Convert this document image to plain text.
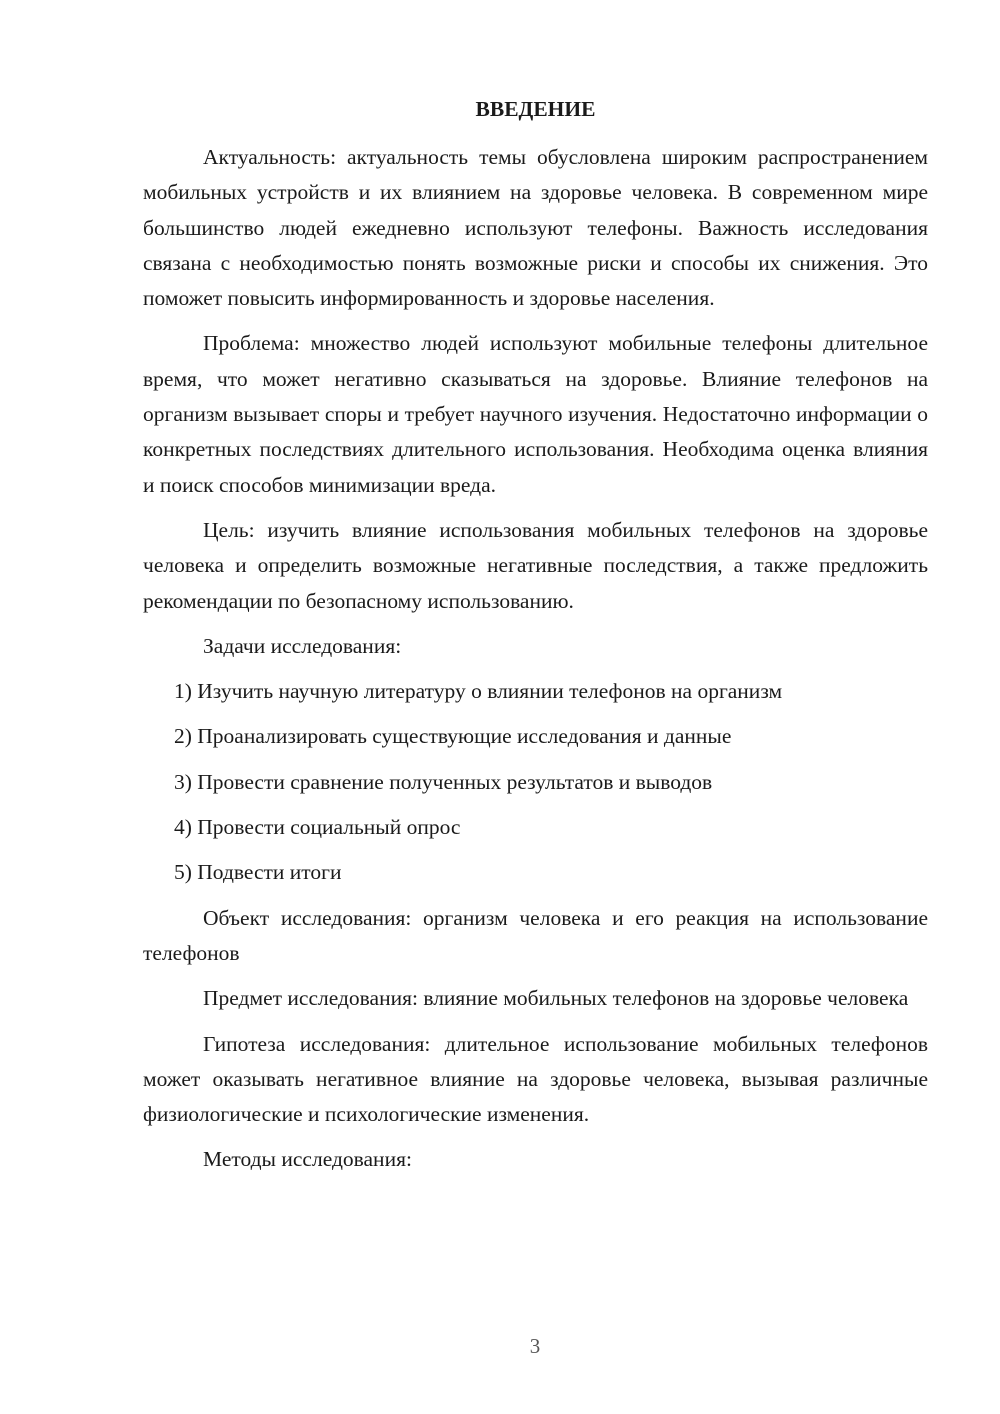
ВВЕДЕНИЕ

Актуальность: актуальность темы обусловлена широким распространением мобильных устройств и их влиянием на здоровье человека. В современном мире большинство людей ежедневно используют телефоны. Важность исследования связана с необходимостью понять возможные риски и способы их снижения. Это поможет повысить информированность и здоровье населения.

Проблема: множество людей используют мобильные телефоны длительное время, что может негативно сказываться на здоровье. Влияние телефонов на организм вызывает споры и требует научного изучения. Недостаточно информации о конкретных последствиях длительного использования. Необходима оценка влияния и поиск способов минимизации вреда.

Цель: изучить влияние использования мобильных телефонов на здоровье человека и определить возможные негативные последствия, а также предложить рекомендации по безопасному использованию.

Задачи исследования:

1) Изучить научную литературу о влиянии телефонов на организм
2) Проанализировать существующие исследования и данные
3) Провести сравнение полученных результатов и выводов
4) Провести социальный опрос
5) Подвести итоги

Объект исследования: организм человека и его реакция на использование телефонов

Предмет исследования: влияние мобильных телефонов на здоровье человека

Гипотеза исследования: длительное использование мобильных телефонов может оказывать негативное влияние на здоровье человека, вызывая различные физиологические и психологические изменения.

Методы исследования:

3
